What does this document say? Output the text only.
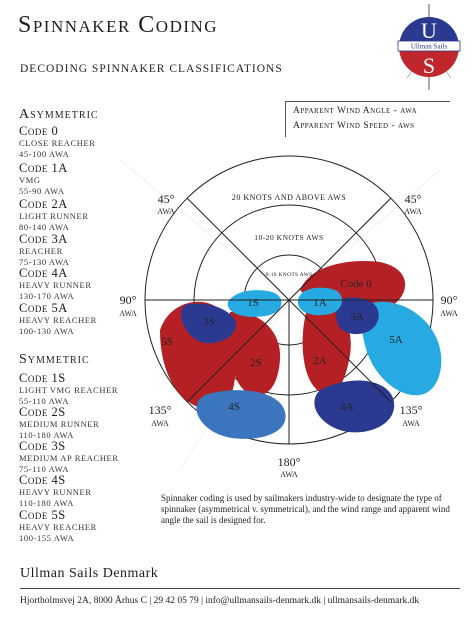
Spinnaker Coding
DECODING SPINNAKER CLASSIFICATIONS
Ullman Sails
U
S
Asymmetric
Code 0
CLOSE REACHER
45-100 AWA
Code 1A
VMG
55-90 AWA
Code 2A
LIGHT RUNNER
80-140 AWA
Code 3A
REACHER
75-130 AWA
Code 4A
HEAVY RUNNER
130-170 AWA
Code 5A
HEAVY REACHER
100-130 AWA
Symmetric
Code 1S
LIGHT VMG REACHER
55-110 AWA
Code 2S
MEDIUM RUNNER
110-180 AWA
Code 3S
MEDIUM AP REACHER
75-110 AWA
Code 4S
HEAVY RUNNER
110-180 AWA
Code 5S
HEAVY REACHER
100-155 AWA
Apparent Wind Angle - awa
Apparent Wind Speed - aws
20 KNOTS AND ABOVE AWS
10-20 KNOTS AWS
0-10 KNOTS AWS
45°
AWA
45°
AWA
90°
AWA
90°
AWA
135°
AWA
135°
AWA
180°
AWA
Code 0
1S	1A
3S	3A
5S	5A
2S	2A
4S	4A
Spinnaker coding is used by sailmakers industry-wide to designate the type of spinnaker (asymmetrical v. symmetrical), and the wind range and apparent wind angle the sail is designed for.
Ullman Sails Denmark
Hjortholmsvej 2A, 8000 Århus C | 29 42 05 79 | info@ullmansails-denmark.dk | ullmansails-denmark.dk
